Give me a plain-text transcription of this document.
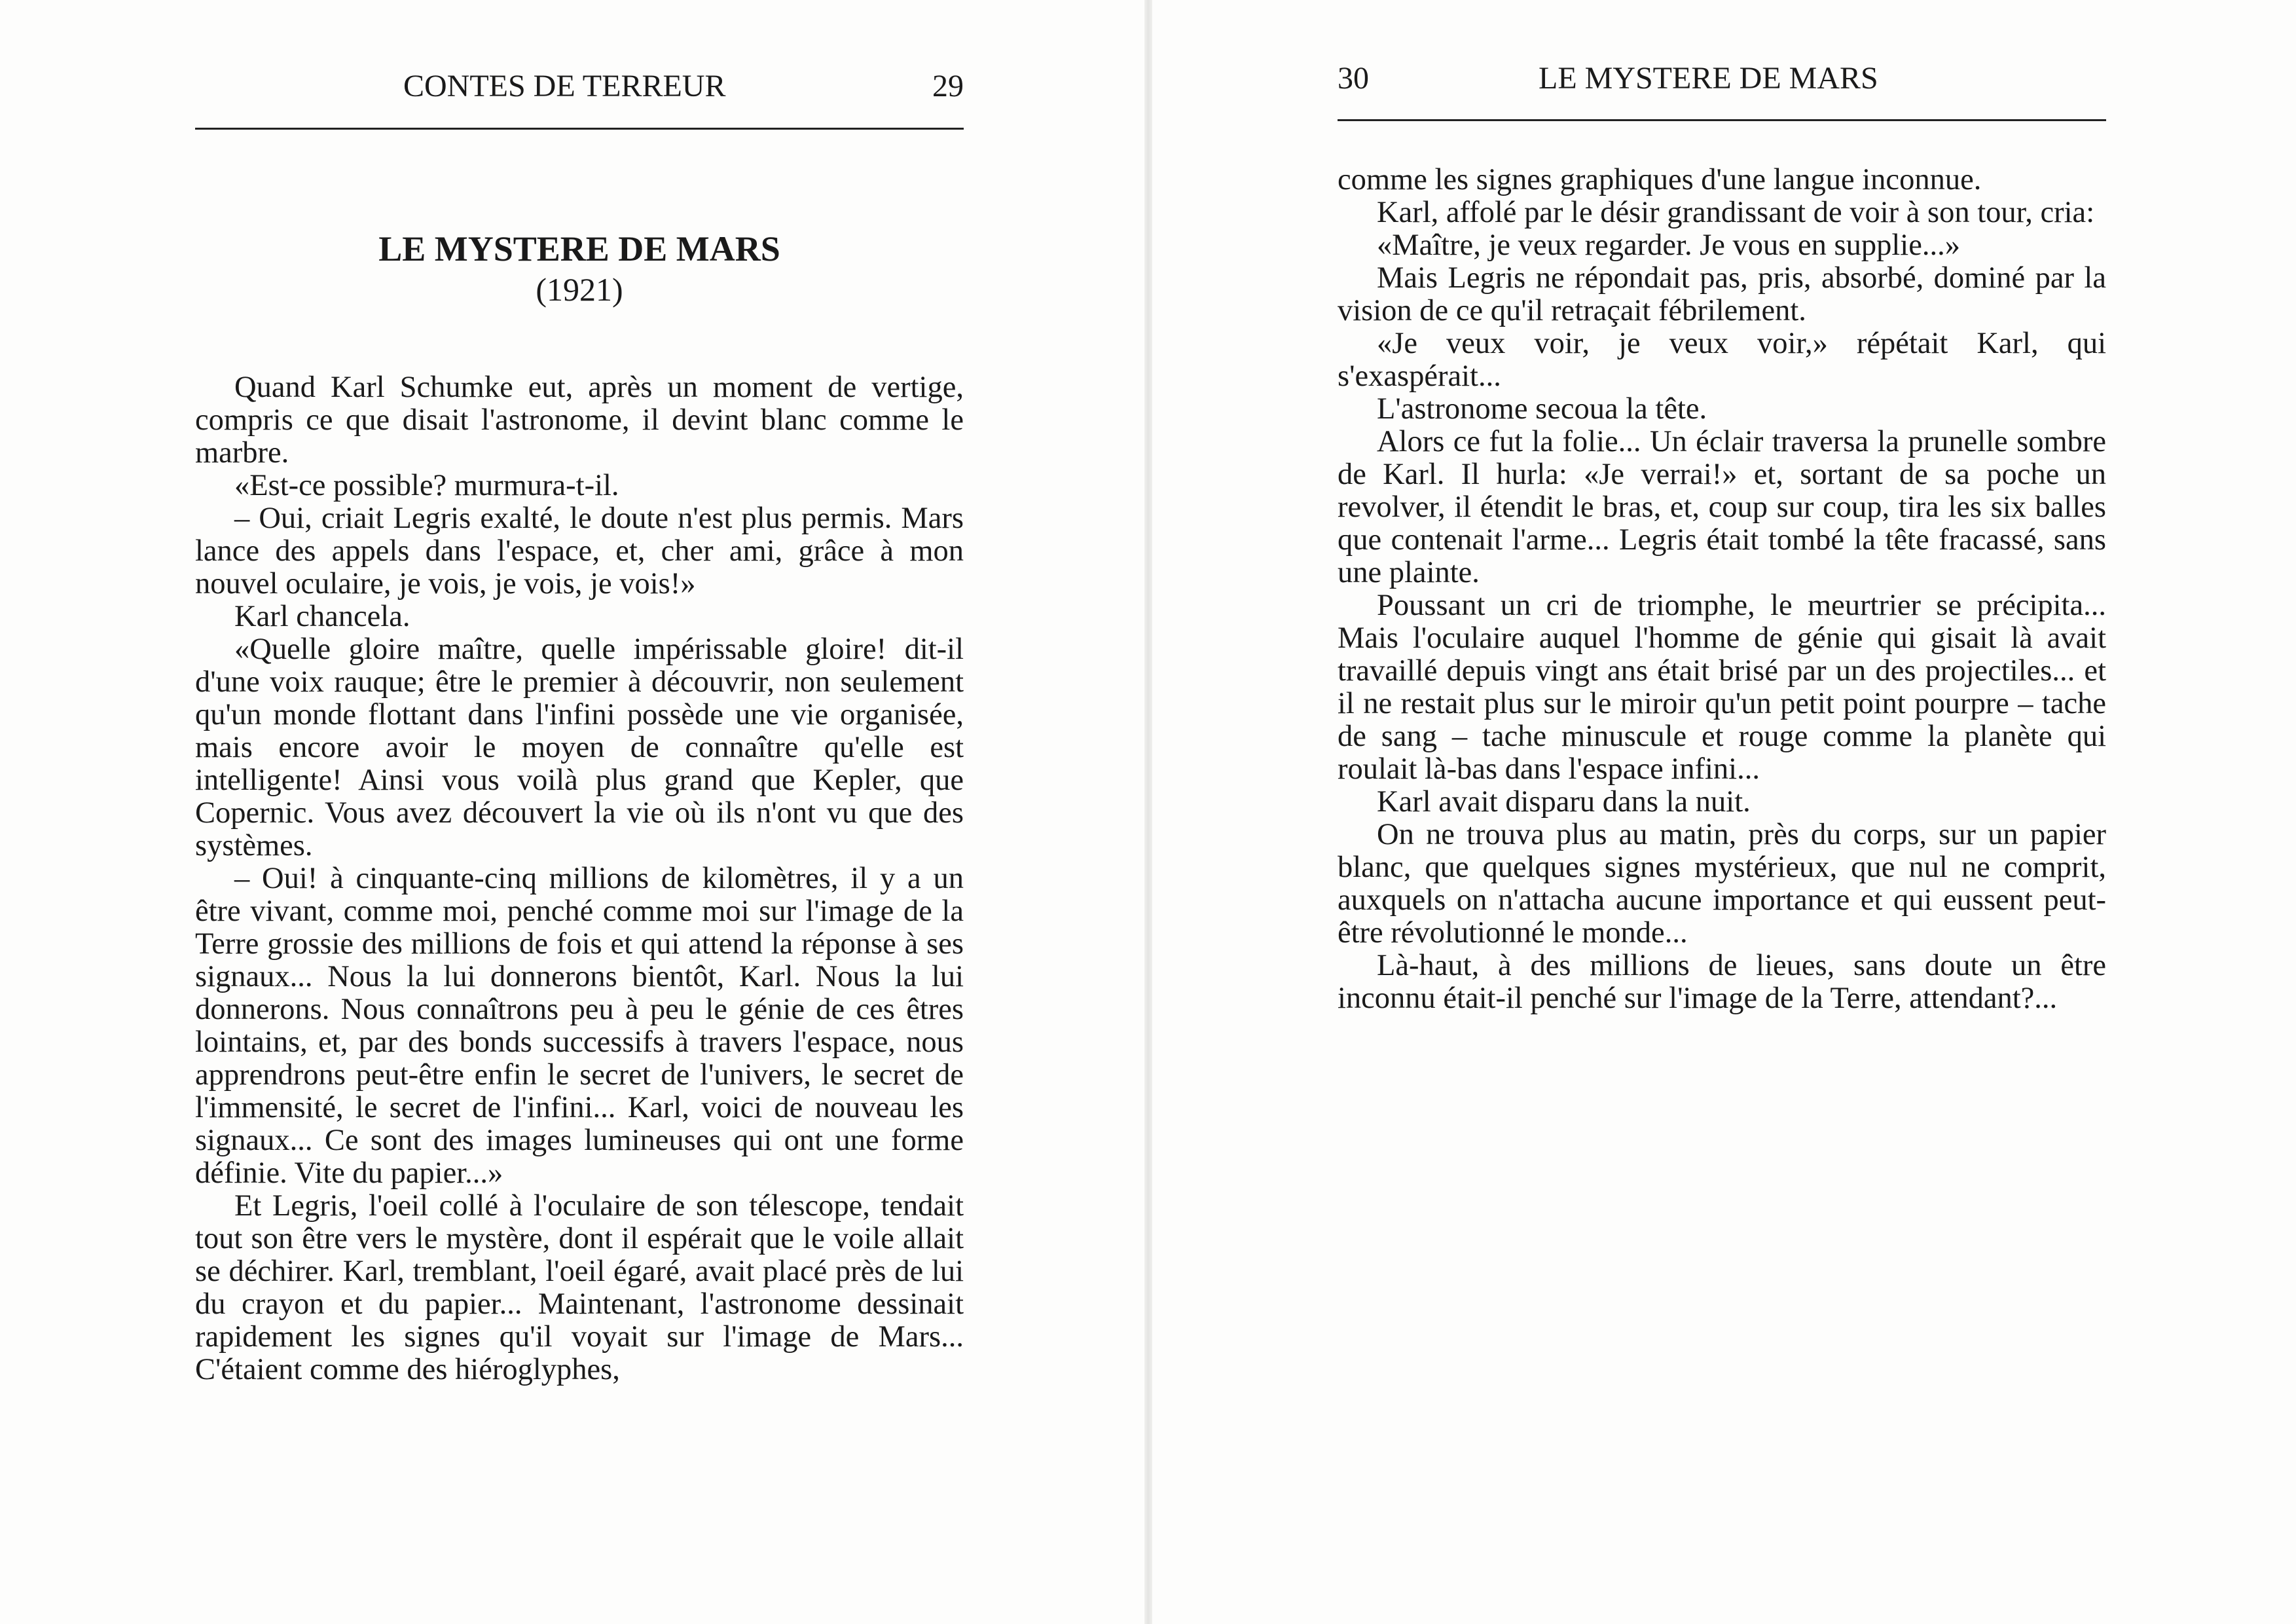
CONTES DE TERREUR	29
LE MYSTERE DE MARS
(1921)

Quand Karl Schumke eut, après un moment de vertige, compris ce que disait l'astronome, il devint blanc comme le marbre.

«Est-ce possible? murmura-t-il.

– Oui, criait Legris exalté, le doute n'est plus permis. Mars lance des appels dans l'espace, et, cher ami, grâce à mon nouvel oculaire, je vois, je vois, je vois!»

Karl chancela.

«Quelle gloire maître, quelle impérissable gloire! dit-il d'une voix rauque; être le premier à découvrir, non seulement qu'un monde flottant dans l'infini possède une vie organisée, mais encore avoir le moyen de connaître qu'elle est intelligente! Ainsi vous voilà plus grand que Kepler, que Copernic. Vous avez découvert la vie où ils n'ont vu que des systèmes.

– Oui! à cinquante-cinq millions de kilomètres, il y a un être vivant, comme moi, penché comme moi sur l'image de la Terre grossie des millions de fois et qui attend la réponse à ses signaux... Nous la lui donnerons bientôt, Karl. Nous la lui donnerons. Nous connaîtrons peu à peu le génie de ces êtres lointains, et, par des bonds successifs à travers l'espace, nous apprendrons peut-être enfin le secret de l'univers, le secret de l'immensité, le secret de l'infini... Karl, voici de nouveau les signaux... Ce sont des images lumineuses qui ont une forme définie. Vite du papier...»

Et Legris, l'oeil collé à l'oculaire de son télescope, tendait tout son être vers le mystère, dont il espérait que le voile allait se déchirer. Karl, tremblant, l'oeil égaré, avait placé près de lui du crayon et du papier... Maintenant, l'astronome dessinait rapidement les signes qu'il voyait sur l'image de Mars... C'étaient comme des hiéroglyphes,

30	LE MYSTERE DE MARS

comme les signes graphiques d'une langue inconnue.

Karl, affolé par le désir grandissant de voir à son tour, cria:

«Maître, je veux regarder. Je vous en supplie...»

Mais Legris ne répondait pas, pris, absorbé, dominé par la vision de ce qu'il retraçait fébrilement.

«Je veux voir, je veux voir,» répétait Karl, qui s'exaspérait...

L'astronome secoua la tête.

Alors ce fut la folie... Un éclair traversa la prunelle sombre de Karl. Il hurla: «Je verrai!» et, sortant de sa poche un revolver, il étendit le bras, et, coup sur coup, tira les six balles que contenait l'arme... Legris était tombé la tête fracassé, sans une plainte.

Poussant un cri de triomphe, le meurtrier se précipita... Mais l'oculaire auquel l'homme de génie qui gisait là avait travaillé depuis vingt ans était brisé par un des projectiles... et il ne restait plus sur le miroir qu'un petit point pourpre – tache de sang – tache minuscule et rouge comme la planète qui roulait là-bas dans l'espace infini...

Karl avait disparu dans la nuit.

On ne trouva plus au matin, près du corps, sur un papier blanc, que quelques signes mystérieux, que nul ne comprit, auxquels on n'attacha aucune importance et qui eussent peut-être révolutionné le monde...

Là-haut, à des millions de lieues, sans doute un être inconnu était-il penché sur l'image de la Terre, attendant?...
